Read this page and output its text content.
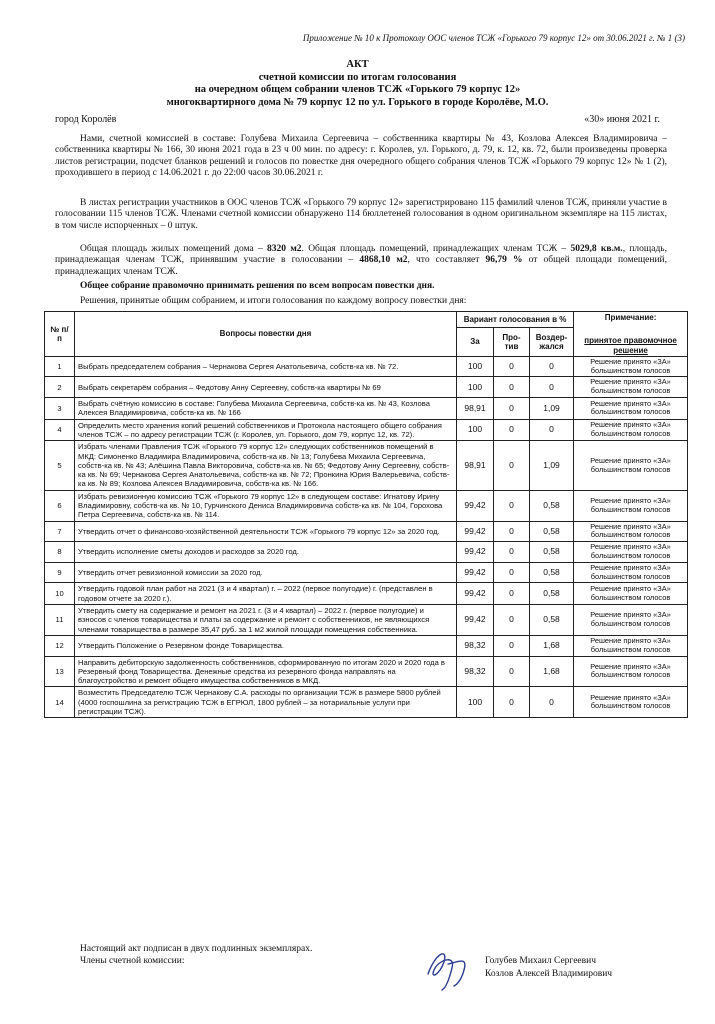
Приложение № 10 к Протоколу ООС членов ТСЖ «Горького 79 корпус 12» от 30.06.2021 г. № 1 (3)
АКТ
счетной комиссии по итогам голосования
на очередном общем собрании членов ТСЖ «Горького 79 корпус 12»
многоквартирного дома № 79 корпус 12 по ул. Горького в городе Королёве, М.О.
город Королёв	«30» июня 2021 г.
Нами, счетной комиссией в составе: Голубева Михаила Сергеевича – собственника квартиры № 43, Козлова Алексея Владимировича – собственника квартиры № 166, 30 июня 2021 года в 23 ч 00 мин. по адресу: г. Королев, ул. Горького, д. 79, к. 12, кв. 72, были произведены проверка листов регистрации, подсчет бланков решений и голосов по повестке дня очередного общего собрания членов ТСЖ «Горького 79 корпус 12» № 1 (2), проходившего в период с 14.06.2021 г. до 22:00 часов 30.06.2021 г.
В листах регистрации участников в ООС членов ТСЖ «Горького 79 корпус 12» зарегистрировано 115 фамилий членов ТСЖ, приняли участие в голосовании 115 членов ТСЖ. Членами счетной комиссии обнаружено 114 бюллетеней голосования в одном оригинальном экземпляре на 115 листах, в том числе испорченных – 0 штук.
Общая площадь жилых помещений дома – 8320 м2. Общая площадь помещений, принадлежащих членам ТСЖ – 5029,8 кв.м., площадь, принадлежащая членам ТСЖ, принявшим участие в голосовании – 4868,10 м2, что составляет 96,79 % от общей площади помещений, принадлежащих членам ТСЖ.
Общее собрание правомочно принимать решения по всем вопросам повестки дня.
Решения, принятые общим собранием, и итоги голосования по каждому вопросу повестки дня:
№ п/п	Вопросы повестки дня	Вариант голосования в %			Примечание:
принятое правомочное решение

		За	Про-тив	Воздер-жался	
1	Выбрать председателем собрания – Чернакова Сергея Анатольевича, собств-ка кв. № 72.	100	0	0	Решение принято «ЗА» большинством голосов
2	Выбрать секретарём собрания – Федотову Анну Сергеевну, собств-ка квартиры № 69	100	0	0	Решение принято «ЗА» большинством голосов
3	Выбрать счётную комиссию в составе: Голубева Михаила Сергеевича, собств-ка кв. № 43, Козлова Алексея Владимировича, собств-ка кв. № 166	98,91	0	1,09	Решение принято «ЗА» большинством голосов
4	Определить место хранения копий решений собственников и Протокола настоящего общего собрания членов ТСЖ – по адресу регистрации ТСЖ (г. Королев, ул. Горького, дом 79, корпус 12, кв. 72).	100	0	0	Решение принято «ЗА» большинством голосов
5	Избрать членами Правления ТСЖ «Горького 79 корпус 12» следующих собственников помещений в МКД: Симоненко Владимира Владимировича, собств-ка кв. № 13; Голубева Михаила Сергеевича, собств-ка кв. № 43; Алёшина Павла Викторовича, собств-ка кв. № 65; Федотову Анну Сергеевну, собств-ка кв. № 69; Чернакова Сергея Анатольевича, собств-ка кв. № 72; Пронкина Юрия Валерьевича, собств-ка кв. № 89; Козлова Алексея Владимировича, собств-ка кв. № 166.	98,91	0	1,09	Решение принято «ЗА» большинством голосов
6	Избрать ревизионную комиссию ТСЖ «Горького 79 корпус 12» в следующем составе: Игнатову Ирину Владимировну, собств-ка кв. № 10, Гурчинского Дениса Владимировича собств-ка кв. № 104, Горохова Петра Сергеевича, собств-ка кв. № 114.	99,42	0	0,58	Решение принято «ЗА» большинством голосов
7	Утвердить отчет о финансово-хозяйственной деятельности ТСЖ «Горького 79 корпус 12» за 2020 год.	99,42	0	0,58	Решение принято «ЗА» большинством голосов
8	Утвердить исполнение сметы доходов и расходов за 2020 год.	99,42	0	0,58	Решение принято «ЗА» большинством голосов
9	Утвердить отчет ревизионной комиссии за 2020 год.	99,42	0	0,58	Решение принято «ЗА» большинством голосов
10	Утвердить годовой план работ на 2021 (3 и 4 квартал) г. – 2022 (первое полугодие) г. (представлен в годовом отчете за 2020 г.).	99,42	0	0,58	Решение принято «ЗА» большинством голосов
11	Утвердить смету на содержание и ремонт на 2021 г. (3 и 4 квартал) – 2022 г. (первое полугодие) и взносов с членов товарищества и платы за содержание и ремонт с собственников, не являющихся членами товарищества в размере 35,47 руб. за 1 м2 жилой площади помещения собственника.	99,42	0	0,58	Решение принято «ЗА» большинством голосов
12	Утвердить Положение о Резервном фонде Товарищества.	98,32	0	1,68	Решение принято «ЗА» большинством голосов
13	Направить дебиторскую задолженность собственников, сформированную по итогам 2020 и 2020 года в Резервный фонд Товарищества. Денежные средства из резервного фонда направлять на благоустройство и ремонт общего имущества собственников в МКД.	98,32	0	1,68	Решение принято «ЗА» большинством голосов
14	Возместить Председателю ТСЖ Чернакову С.А. расходы по организации ТСЖ в размере 5800 рублей (4000 госпошлина за регистрацию ТСЖ в ЕГРЮЛ, 1800 рублей – за нотариальные услуги при регистрации ТСЖ).	100	0	0	Решение принято «ЗА» большинством голосов
Настоящий акт подписан в двух подлинных экземплярах.
Члены счетной комиссии:	Голубев Михаил Сергеевич
Козлов Алексей Владимирович
